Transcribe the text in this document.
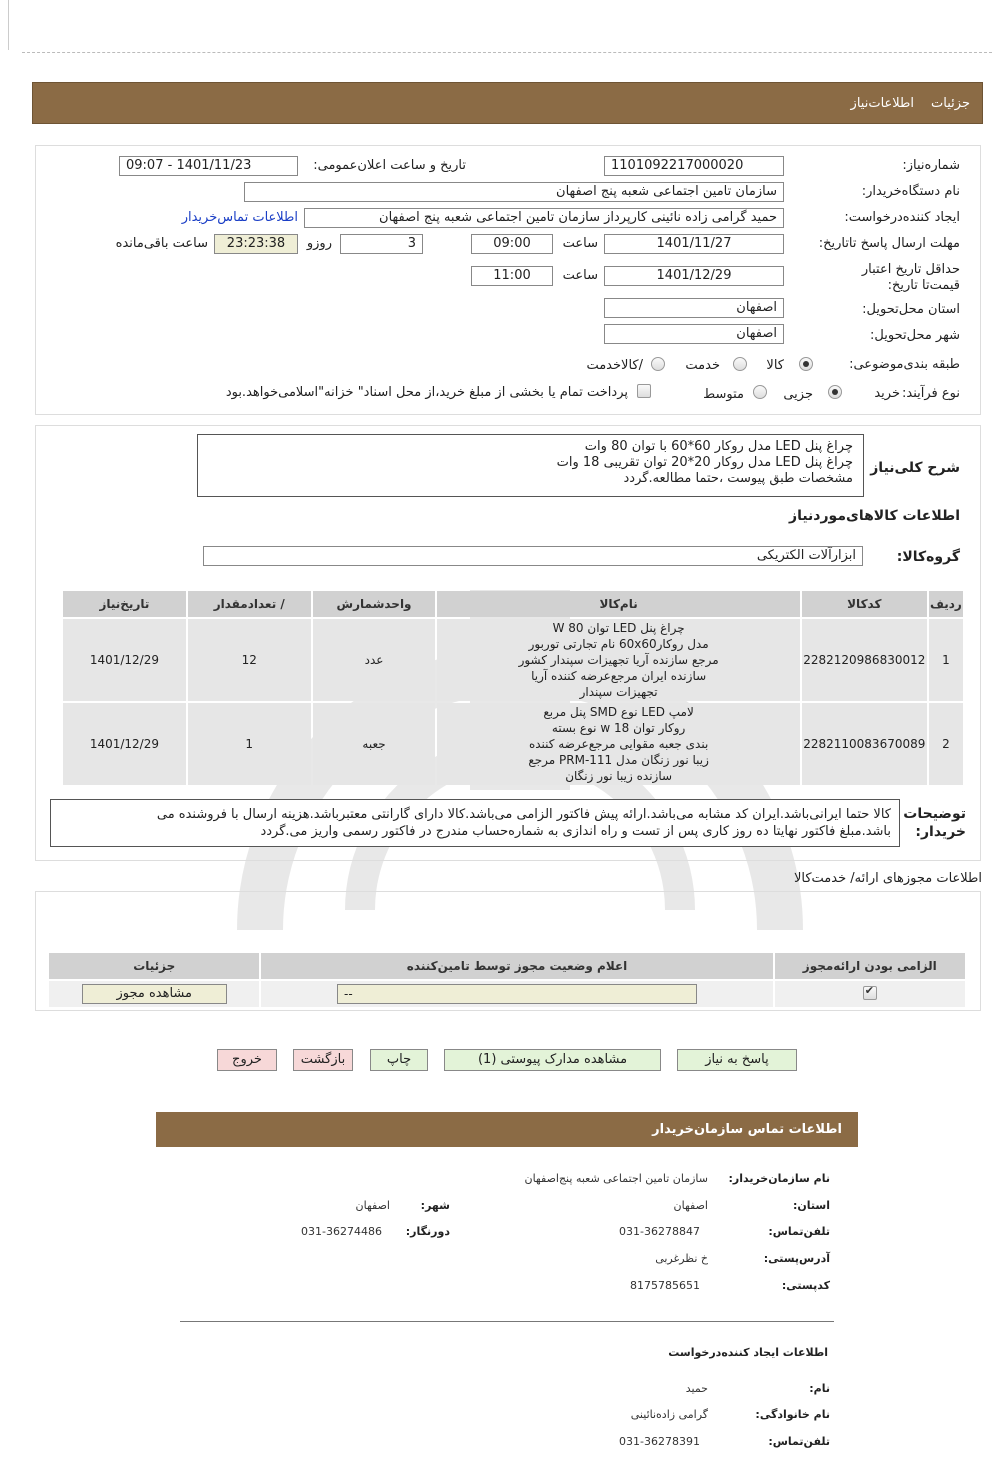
اطلاعات‌نیاز جزئیات
شماره‌نیاز:
1101092217000020
تاریخ و ساعت اعلان‌عمومی:
1401/11/23 - 09:07
نام دستگاه‌خریدار:
سازمان تامین اجتماعی شعبه پنج اصفهان
ایجاد کننده‌درخواست:
حمید گرامی زاده نائینی کارپرداز سازمان تامین اجتماعی شعبه پنج اصفهان
اطلاعات تماس‌خریدار
مهلت ارسال پاسخ تا‌تاریخ:
1401/11/27
ساعت
09:00
3
روزو
23:23:38
ساعت باقی‌مانده
حداقل تاریخ اعتبار قیمت‌تا تاریخ:
1401/12/29
ساعت
11:00
استان محل‌تحویل:
اصفهان
شهر محل‌تحویل:
اصفهان
طبقه بندی‌موضوعی:
کالا
خدمت
/کالاخدمت
نوع فرآیند:
خرید
جزیی
متوسط
پرداخت تمام یا بخشی از مبلغ خرید،از محل اسناد" خزانه"اسلامی‌خواهد.بود
شرح کلی‌نیاز
چراغ پنل LED مدل روکار 60*60 با توان 80 وات
چراغ پنل LED مدل روکار 20*20 توان تقریبی 18 وات
مشخصات طبق پیوست ،حتما مطالعه.گردد
اطلاعات کالاهای‌موردنیاز
گروه‌کالا:
ابزارآلات الکتریکی
ردیف	کدکالا	نام‌کالا	واحدشمارش	/ تعدادمقدار	تاریخ‌نیاز
1	2282120986830012	چراغ پنل LED توان 80 W
مدل روکار60x60 نام تجارتی توربور
مرجع سازنده آریا تجهیزات سپندار کشور
سازنده ایران مرجع‌عرضه کننده آریا
تجهیزات سپندار	عدد	12	1401/12/29
2	2282110083670089	لامپ LED نوع SMD پنل مربع
روکار توان 18 w نوع بسته
بندی جعبه مقوایی مرجع‌عرضه کننده
زیبا نور زنگان مدل PRM-111 مرجع
سازنده زیبا نور زنگان	جعبه	1	1401/12/29
توضیحات
خریدار:
کالا حتما ایرانی‌باشد.ایران کد مشابه می‌باشد.ارائه پیش فاکتور الزامی می‌باشد.کالا دارای گارانتی معتبرباشد.هزینه ارسال با فروشنده می
باشد.مبلغ فاکتور نهایتا ده روز کاری پس از تست و راه اندازی به شماره‌حساب مندرج در فاکتور رسمی واریز می.گردد
اطلاعات مجوزهای ارائه/ خدمت‌کالا
الزامی بودن ارائه‌مجوز	اعلام وضعیت مجوز توسط تامین‌کننده	جزئیات

✔
	--	مشاهده مجوز
پاسخ به نیاز
مشاهده مدارک پیوستی (1)
چاپ
بازگشت
خروج
اطلاعات تماس سازمان‌خریدار
نام سازمان‌خریدار:
سازمان تامین اجتماعی شعبه پنج‌اصفهان
استان:
اصفهان
شهر:
اصفهان
تلفن‌تماس:
031-36278847
دورنگار:
031-36274486
آدرس‌پستی:
خ نظرغربی
کدپستی:
8175785651
اطلاعات ایجاد کننده‌درخواست
نام:
حمید
نام خانوادگی:
گرامی زاده‌نائینی
تلفن‌تماس:
031-36278391
